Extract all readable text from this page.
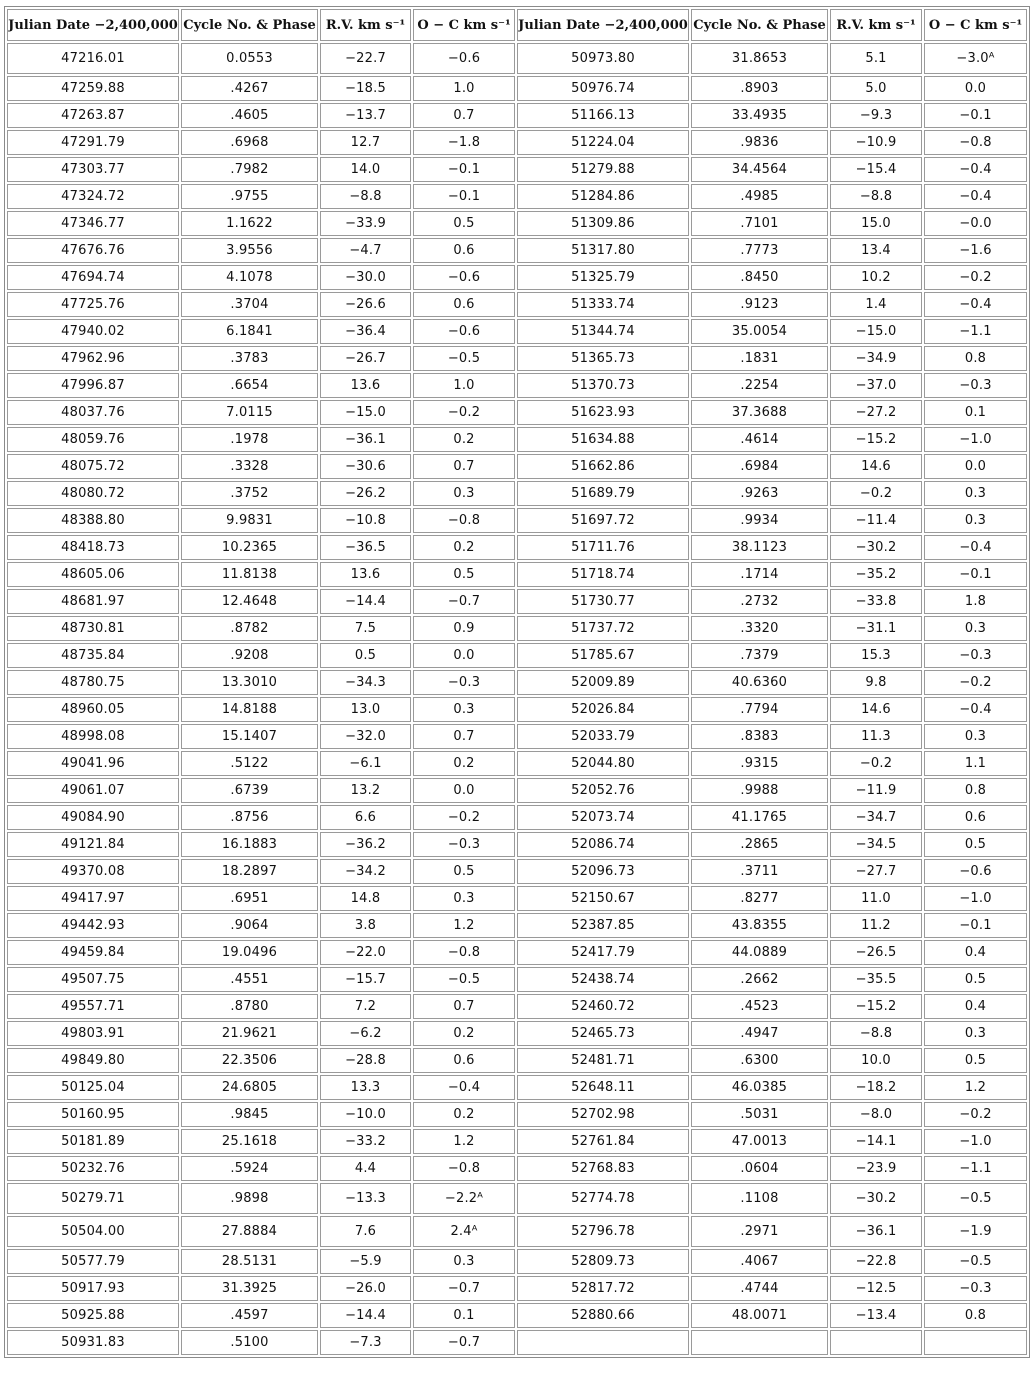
Julian Date −2,400,000	Cycle No. & Phase	R.V. km s⁻¹	O − C km s⁻¹	Julian Date −2,400,000	Cycle No. & Phase	R.V. km s⁻¹	O − C km s⁻¹
47216.01	0.0553	−22.7	−0.6	50973.80	31.8653	5.1	−3.0ᴬ
47259.88	.4267	−18.5	1.0	50976.74	.8903	5.0	0.0
47263.87	.4605	−13.7	0.7	51166.13	33.4935	−9.3	−0.1
47291.79	.6968	12.7	−1.8	51224.04	.9836	−10.9	−0.8
47303.77	.7982	14.0	−0.1	51279.88	34.4564	−15.4	−0.4
47324.72	.9755	−8.8	−0.1	51284.86	.4985	−8.8	−0.4
47346.77	1.1622	−33.9	0.5	51309.86	.7101	15.0	−0.0
47676.76	3.9556	−4.7	0.6	51317.80	.7773	13.4	−1.6
47694.74	4.1078	−30.0	−0.6	51325.79	.8450	10.2	−0.2
47725.76	.3704	−26.6	0.6	51333.74	.9123	1.4	−0.4
47940.02	6.1841	−36.4	−0.6	51344.74	35.0054	−15.0	−1.1
47962.96	.3783	−26.7	−0.5	51365.73	.1831	−34.9	0.8
47996.87	.6654	13.6	1.0	51370.73	.2254	−37.0	−0.3
48037.76	7.0115	−15.0	−0.2	51623.93	37.3688	−27.2	0.1
48059.76	.1978	−36.1	0.2	51634.88	.4614	−15.2	−1.0
48075.72	.3328	−30.6	0.7	51662.86	.6984	14.6	0.0
48080.72	.3752	−26.2	0.3	51689.79	.9263	−0.2	0.3
48388.80	9.9831	−10.8	−0.8	51697.72	.9934	−11.4	0.3
48418.73	10.2365	−36.5	0.2	51711.76	38.1123	−30.2	−0.4
48605.06	11.8138	13.6	0.5	51718.74	.1714	−35.2	−0.1
48681.97	12.4648	−14.4	−0.7	51730.77	.2732	−33.8	1.8
48730.81	.8782	7.5	0.9	51737.72	.3320	−31.1	0.3
48735.84	.9208	0.5	0.0	51785.67	.7379	15.3	−0.3
48780.75	13.3010	−34.3	−0.3	52009.89	40.6360	9.8	−0.2
48960.05	14.8188	13.0	0.3	52026.84	.7794	14.6	−0.4
48998.08	15.1407	−32.0	0.7	52033.79	.8383	11.3	0.3
49041.96	.5122	−6.1	0.2	52044.80	.9315	−0.2	1.1
49061.07	.6739	13.2	0.0	52052.76	.9988	−11.9	0.8
49084.90	.8756	6.6	−0.2	52073.74	41.1765	−34.7	0.6
49121.84	16.1883	−36.2	−0.3	52086.74	.2865	−34.5	0.5
49370.08	18.2897	−34.2	0.5	52096.73	.3711	−27.7	−0.6
49417.97	.6951	14.8	0.3	52150.67	.8277	11.0	−1.0
49442.93	.9064	3.8	1.2	52387.85	43.8355	11.2	−0.1
49459.84	19.0496	−22.0	−0.8	52417.79	44.0889	−26.5	0.4
49507.75	.4551	−15.7	−0.5	52438.74	.2662	−35.5	0.5
49557.71	.8780	7.2	0.7	52460.72	.4523	−15.2	0.4
49803.91	21.9621	−6.2	0.2	52465.73	.4947	−8.8	0.3
49849.80	22.3506	−28.8	0.6	52481.71	.6300	10.0	0.5
50125.04	24.6805	13.3	−0.4	52648.11	46.0385	−18.2	1.2
50160.95	.9845	−10.0	0.2	52702.98	.5031	−8.0	−0.2
50181.89	25.1618	−33.2	1.2	52761.84	47.0013	−14.1	−1.0
50232.76	.5924	4.4	−0.8	52768.83	.0604	−23.9	−1.1
50279.71	.9898	−13.3	−2.2ᴬ	52774.78	.1108	−30.2	−0.5
50504.00	27.8884	7.6	2.4ᴬ	52796.78	.2971	−36.1	−1.9
50577.79	28.5131	−5.9	0.3	52809.73	.4067	−22.8	−0.5
50917.93	31.3925	−26.0	−0.7	52817.72	.4744	−12.5	−0.3
50925.88	.4597	−14.4	0.1	52880.66	48.0071	−13.4	0.8
50931.83	.5100	−7.3	−0.7				
